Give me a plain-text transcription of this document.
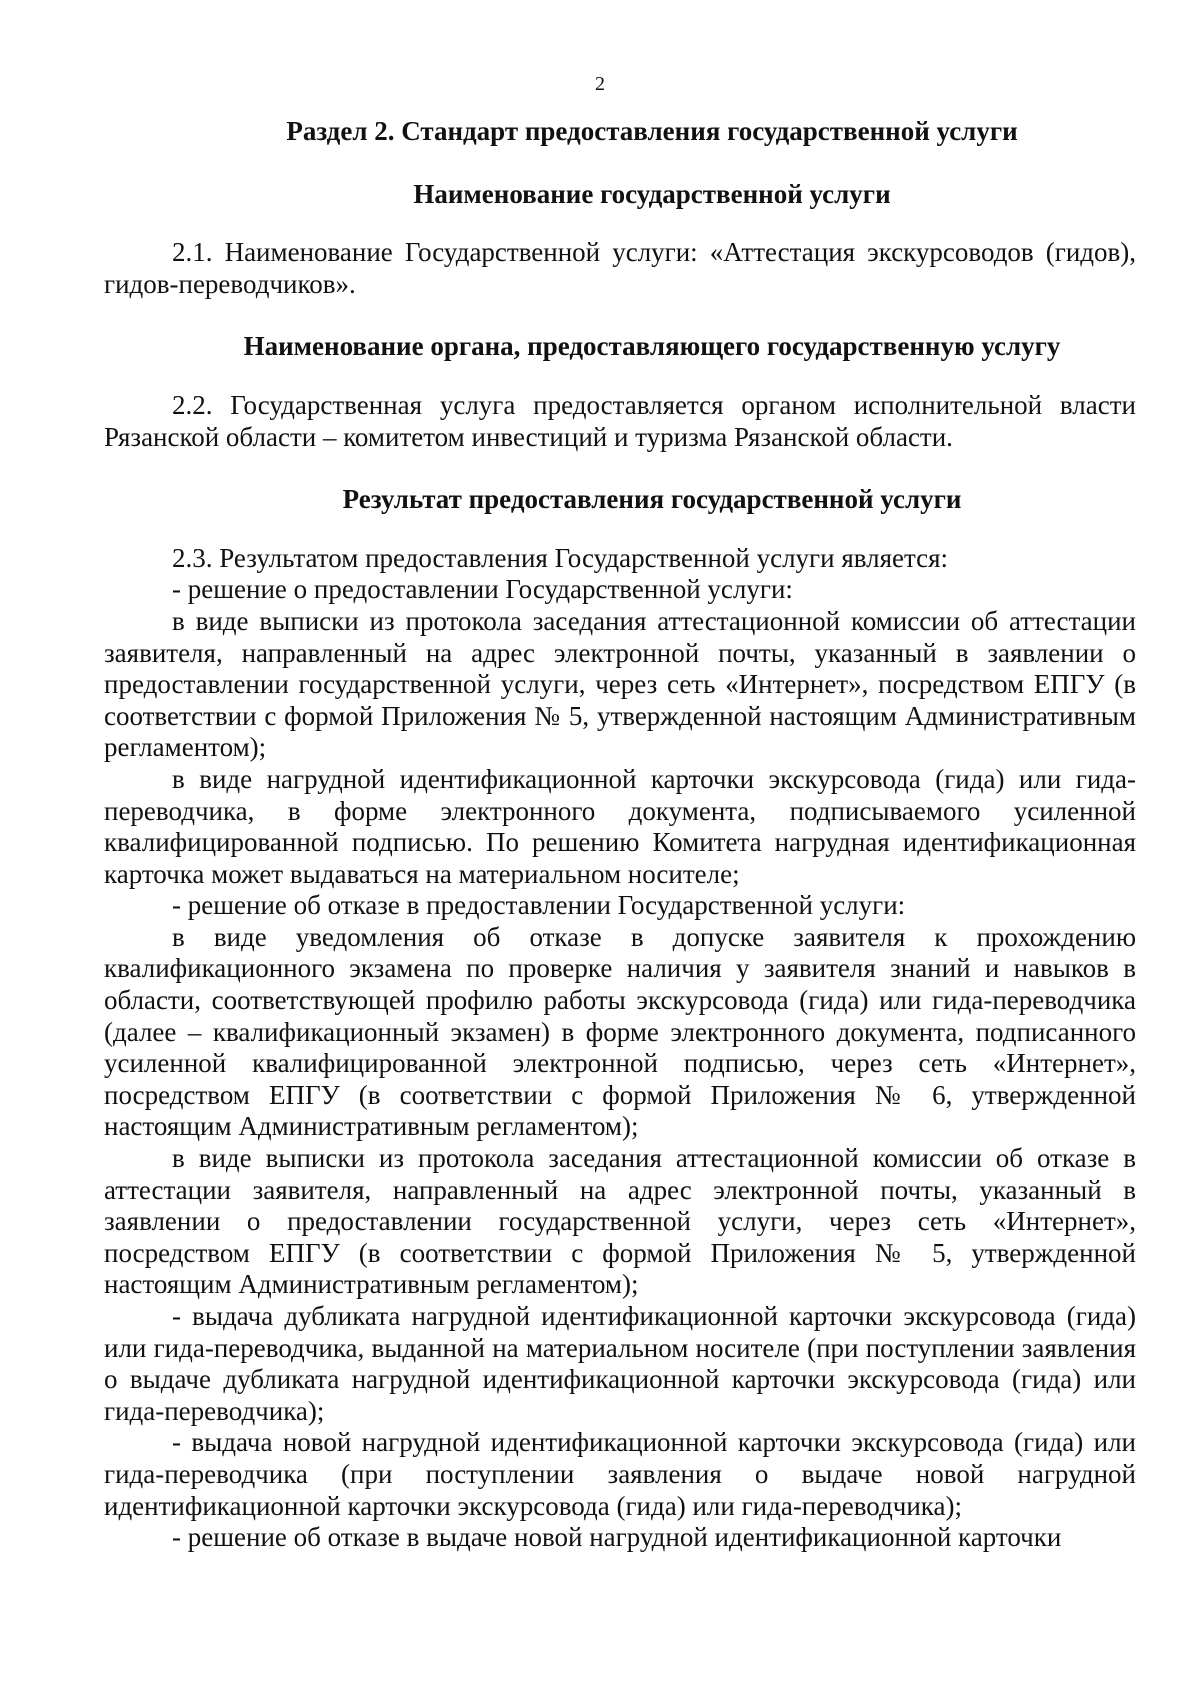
2
Раздел 2. Стандарт предоставления государственной услуги
Наименование государственной услуги

2.1. Наименование Государственной услуги: «Аттестация экскурсоводов (гидов), гидов-переводчиков».

Наименование органа, предоставляющего государственную услугу

2.2. Государственная услуга предоставляется органом исполнительной власти Рязанской области – комитетом инвестиций и туризма Рязанской области.

Результат предоставления государственной услуги

2.3. Результатом предоставления Государственной услуги является:

- решение о предоставлении Государственной услуги:

в виде выписки из протокола заседания аттестационной комиссии об аттестации заявителя, направленный на адрес электронной почты, указанный в заявлении о предоставлении государственной услуги, через сеть «Интернет», посредством ЕПГУ (в соответствии с формой Приложения № 5, утвержденной настоящим Административным регламентом);

в виде нагрудной идентификационной карточки экскурсовода (гида) или гида-переводчика, в форме электронного документа, подписываемого усиленной квалифицированной подписью. По решению Комитета нагрудная идентификационная карточка может выдаваться на материальном носителе;

- решение об отказе в предоставлении Государственной услуги:

в виде уведомления об отказе в допуске заявителя к прохождению квалификационного экзамена по проверке наличия у заявителя знаний и навыков в области, соответствующей профилю работы экскурсовода (гида) или гида-переводчика (далее – квалификационный экзамен) в форме электронного документа, подписанного усиленной квалифицированной электронной подписью, через сеть «Интернет», посредством ЕПГУ (в соответствии с формой Приложения № 6, утвержденной настоящим Административным регламентом);

в виде выписки из протокола заседания аттестационной комиссии об отказе в аттестации заявителя, направленный на адрес электронной почты, указанный в заявлении о предоставлении государственной услуги, через сеть «Интернет», посредством ЕПГУ (в соответствии с формой Приложения № 5, утвержденной настоящим Административным регламентом);

- выдача дубликата нагрудной идентификационной карточки экскурсовода (гида) или гида-переводчика, выданной на материальном носителе (при поступлении заявления о выдаче дубликата нагрудной идентификационной карточки экскурсовода (гида) или гида-переводчика);

- выдача новой нагрудной идентификационной карточки экскурсовода (гида) или гида-переводчика (при поступлении заявления о выдаче новой нагрудной идентификационной карточки экскурсовода (гида) или гида-переводчика);

- решение об отказе в выдаче новой нагрудной идентификационной карточки
